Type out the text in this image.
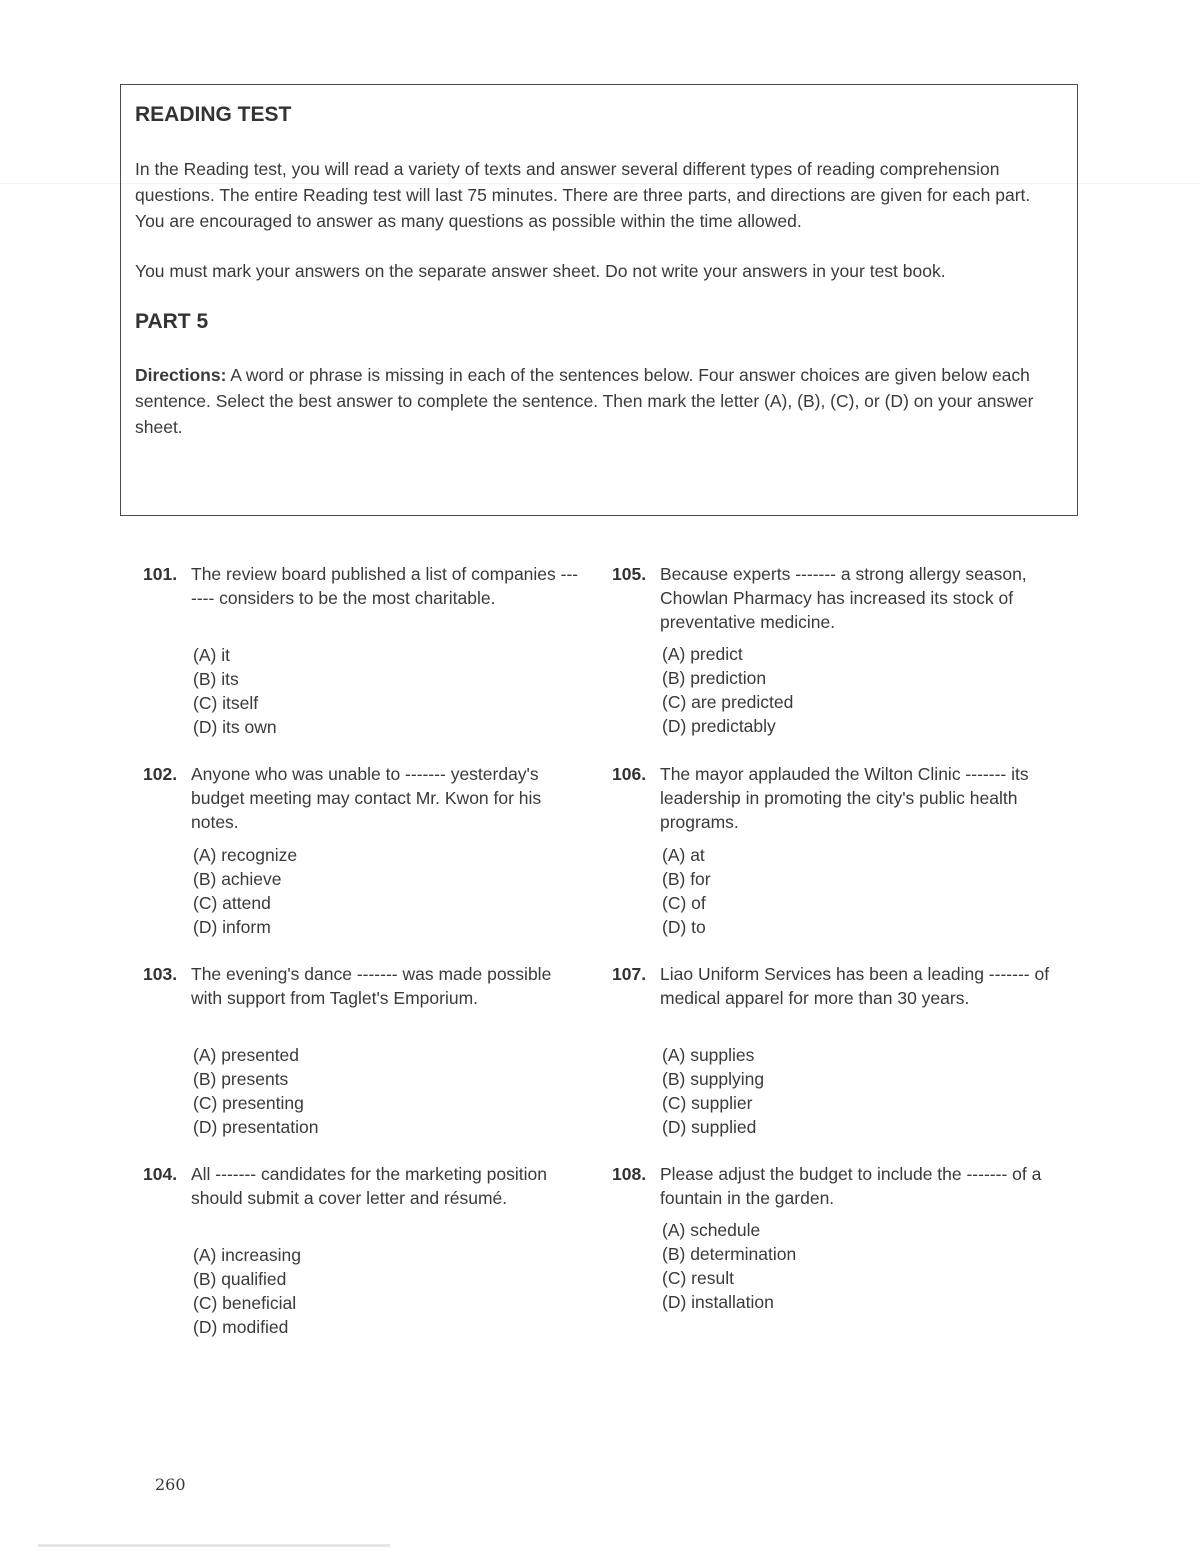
READING TEST

In the Reading test, you will read a variety of texts and answer several different types of reading comprehension questions. The entire Reading test will last 75 minutes. There are three parts, and directions are given for each part. You are encouraged to answer as many questions as possible within the time allowed.

You must mark your answers on the separate answer sheet. Do not write your answers in your test book.

PART 5

Directions: A word or phrase is missing in each of the sentences below. Four answer choices are given below each sentence. Select the best answer to complete the sentence. Then mark the letter (A), (B), (C), or (D) on your answer sheet.

101. The review board published a list of companies ------- considers to be the most charitable.
(A) it
(B) its
(C) itself
(D) its own
102. Anyone who was unable to ------- yesterday's budget meeting may contact Mr. Kwon for his notes.
(A) recognize
(B) achieve
(C) attend
(D) inform
103. The evening's dance ------- was made possible with support from Taglet's Emporium.
(A) presented
(B) presents
(C) presenting
(D) presentation
104. All ------- candidates for the marketing position should submit a cover letter and résumé.
(A) increasing
(B) qualified
(C) beneficial
(D) modified
105. Because experts ------- a strong allergy season, Chowlan Pharmacy has increased its stock of preventative medicine.
(A) predict
(B) prediction
(C) are predicted
(D) predictably
106. The mayor applauded the Wilton Clinic ------- its leadership in promoting the city's public health programs.
(A) at
(B) for
(C) of
(D) to
107. Liao Uniform Services has been a leading ------- of medical apparel for more than 30 years.
(A) supplies
(B) supplying
(C) supplier
(D) supplied
108. Please adjust the budget to include the ------- of a fountain in the garden.
(A) schedule
(B) determination
(C) result
(D) installation
260
